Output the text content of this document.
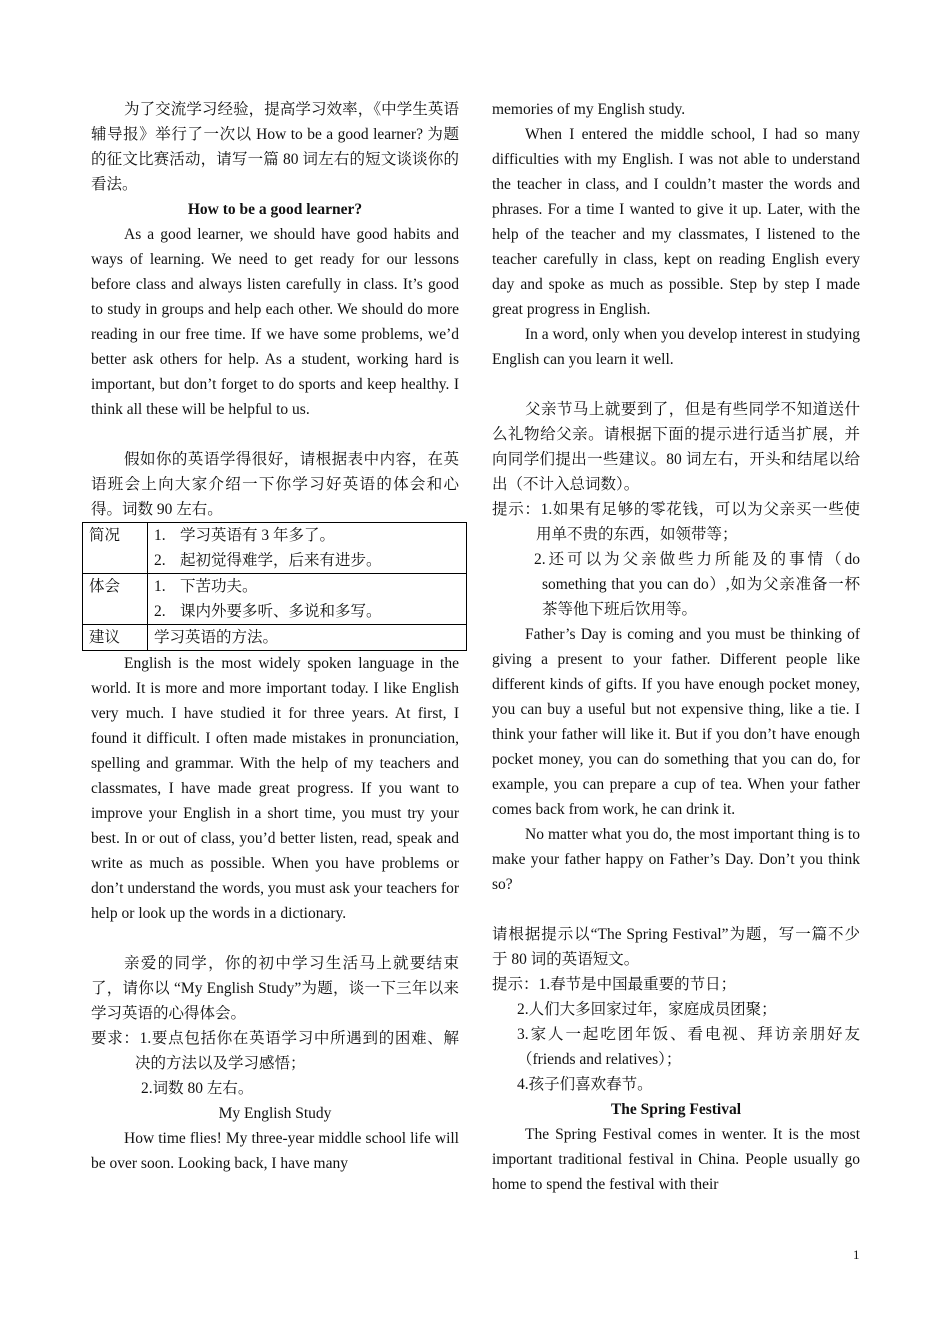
为了交流学习经验，提高学习效率，《中学生英语辅导报》举行了一次以 How to be a good learner? 为题的征文比赛活动，请写一篇 80 词左右的短文谈谈你的看法。

How to be a good learner?

As a good learner, we should have good habits and ways of learning. We need to get ready for our lessons before class and always listen carefully in class. It’s good to study in groups and help each other. We should do more reading in our free time. If we have some problems, we’d better ask others for help. As a student, working hard is important, but don’t forget to do sports and keep healthy. I think all these will be helpful to us.

假如你的英语学得很好，请根据表中内容，在英语班会上向大家介绍一下你学习好英语的体会和心得。词数 90 左右。

简况	1. 学习英语有 3 年多了。
2. 起初觉得难学，后来有进步。

体会	1. 下苦功夫。
2. 课内外要多听、多说和多写。

建议	学习英语的方法。

English is the most widely spoken language in the world. It is more and more important today. I like English very much. I have studied it for three years. At first, I found it difficult. I often made mistakes in pronunciation, spelling and grammar. With the help of my teachers and classmates, I have made great progress. If you want to improve your English in a short time, you must try your best. In or out of class, you’d better listen, read, speak and write as much as possible. When you have problems or don’t understand the words, you must ask your teachers for help or look up the words in a dictionary.

亲爱的同学，你的初中学习生活马上就要结束了，请你以 “My English Study”为题，谈一下三年以来学习英语的心得体会。

要求：1.要点包括你在英语学习中所遇到的困难、解决的方法以及学习感悟；

2.词数 80 左右。

My English Study

How time flies! My three-year middle school life will be over soon. Looking back, I have many

memories of my English study.

When I entered the middle school, I had so many difficulties with my English. I was not able to understand the teacher in class, and I couldn’t master the words and phrases. For a time I wanted to give it up. Later, with the help of the teacher and my classmates, I listened to the teacher carefully in class, kept on reading English every day and spoke as much as possible. Step by step I made great progress in English.

In a word, only when you develop interest in studying English can you learn it well.

父亲节马上就要到了，但是有些同学不知道送什么礼物给父亲。请根据下面的提示进行适当扩展，并向同学们提出一些建议。80 词左右，开头和结尾以给出（不计入总词数）。

提示：1.如果有足够的零花钱，可以为父亲买一些使用单不贵的东西，如领带等；

2.还可以为父亲做些力所能及的事情（do something that you can do）,如为父亲准备一杯茶等他下班后饮用等。

Father’s Day is coming and you must be thinking of giving a present to your father. Different people like different kinds of gifts. If you have enough pocket money, you can buy a useful but not expensive thing, like a tie. I think your father will like it. But if you don’t have enough pocket money, you can do something that you can do, for example, you can prepare a cup of tea. When your father comes back from work, he can drink it.

No matter what you do, the most important thing is to make your father happy on Father’s Day. Don’t you think so?

请根据提示以“The Spring Festival”为题，写一篇不少于 80 词的英语短文。

提示：1.春节是中国最重要的节日；

2.人们大多回家过年，家庭成员团聚；

3.家人一起吃团年饭、看电视、拜访亲朋好友（friends and relatives）；

4.孩子们喜欢春节。

The Spring Festival

The Spring Festival comes in wenter. It is the most important traditional festival in China. People usually go home to spend the festival with their

1
